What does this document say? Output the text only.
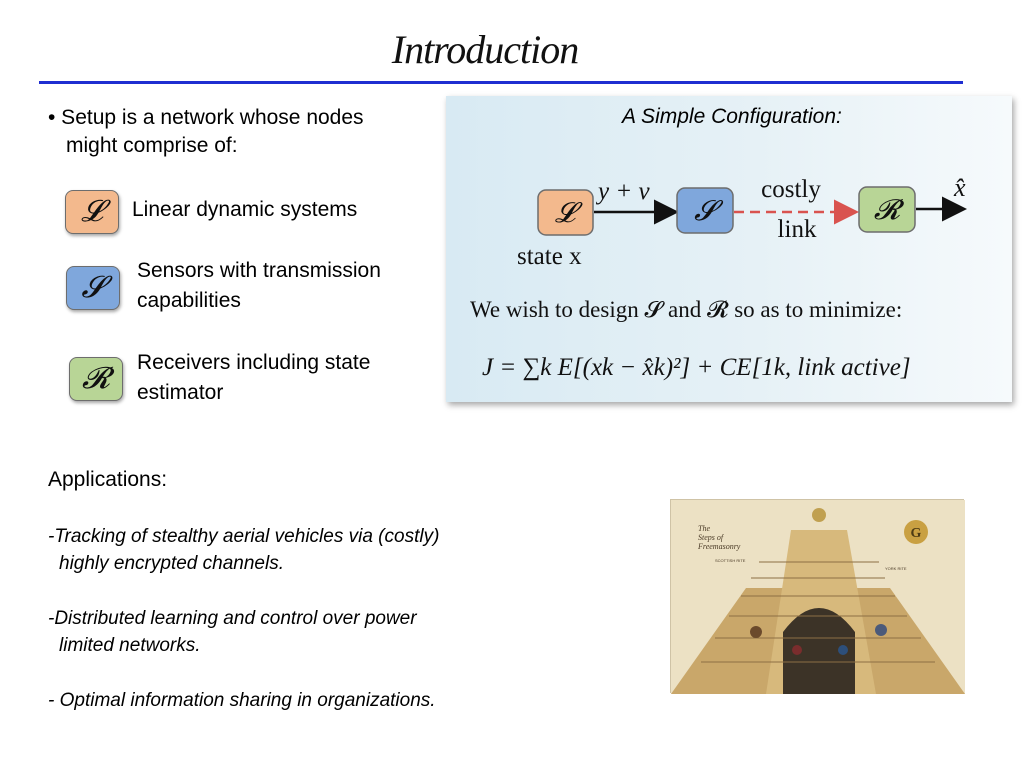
Introduction
• Setup is a network whose nodes
might comprise of:
𝓛	Linear dynamic systems
𝓢
Sensors with transmission
capabilities
𝓡	Receivers including state
estimator
A Simple Configuration:
𝓛	𝓢	𝓡
y + v	costly
link
x̂
state x
We wish to design 𝓢 and 𝓡 so as to minimize:
J = ∑k E[(xk − x̂k)²] + CE[1k, link active]
Applications:
-Tracking of stealthy aerial vehicles via (costly)
highly encrypted channels.
-Distributed learning and control over power
limited networks.
- Optimal information sharing in organizations.
G
The
Steps of
Freemasonry
SCOTTISH RITE
YORK RITE
